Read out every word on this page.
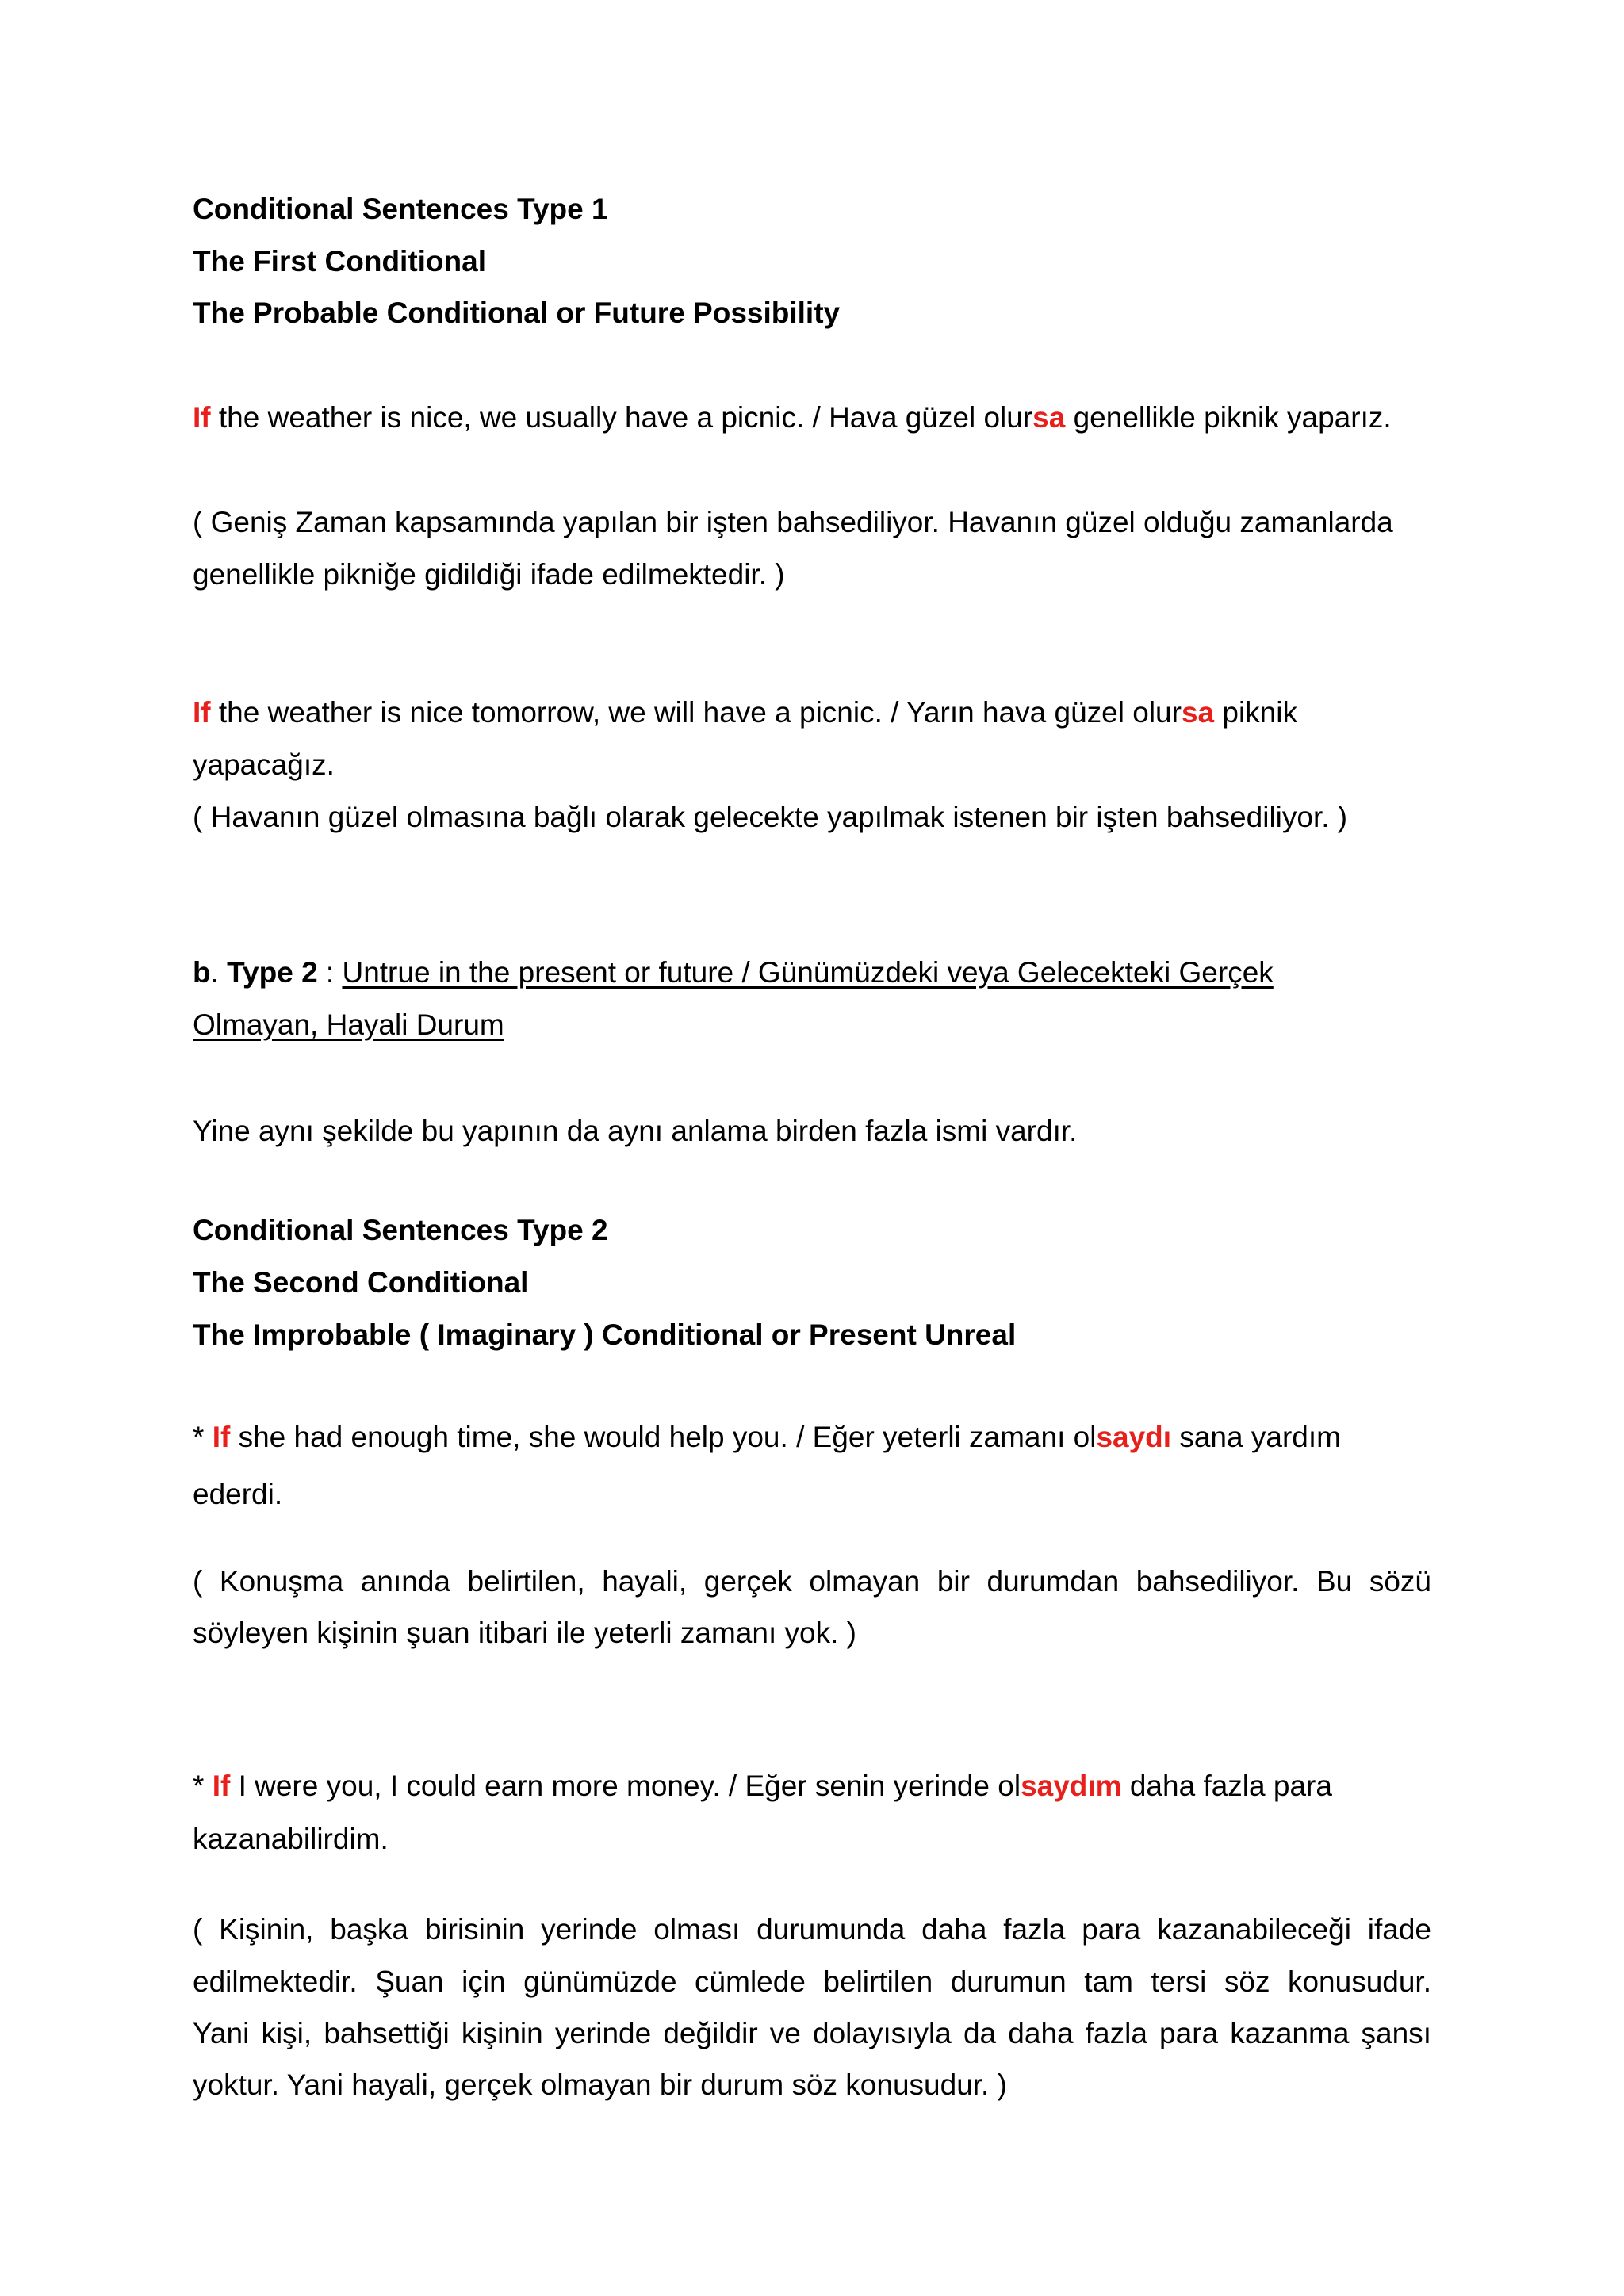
Conditional Sentences Type 1
The First Conditional
The Probable Conditional or Future Possibility
If the weather is nice, we usually have a picnic. / Hava güzel olursa genellikle piknik yaparız.
( Geniş Zaman kapsamında yapılan bir işten bahsediliyor. Havanın güzel olduğu zamanlarda
genellikle pikniğe gidildiği ifade edilmektedir. )
If the weather is nice tomorrow, we will have a picnic. / Yarın hava güzel olursa piknik
yapacağız.
( Havanın güzel olmasına bağlı olarak gelecekte yapılmak istenen bir işten bahsediliyor. )
b. Type 2 : Untrue in the present or future / Günümüzdeki veya Gelecekteki Gerçek
Olmayan, Hayali Durum
Yine aynı şekilde bu yapının da aynı anlama birden fazla ismi vardır.
Conditional Sentences Type 2
The Second Conditional
The Improbable ( Imaginary ) Conditional or Present Unreal
* If she had enough time, she would help you. / Eğer yeterli zamanı olsaydı sana yardım
ederdi.
( Konuşma anında belirtilen, hayali, gerçek olmayan bir durumdan bahsediliyor. Bu sözü
söyleyen kişinin şuan itibari ile yeterli zamanı yok. )
* If I were you, I could earn more money. / Eğer senin yerinde olsaydım daha fazla para
kazanabilirdim.
( Kişinin, başka birisinin yerinde olması durumunda daha fazla para kazanabileceği ifade
edilmektedir. Şuan için günümüzde cümlede belirtilen durumun tam tersi söz konusudur.
Yani kişi, bahsettiği kişinin yerinde değildir ve dolayısıyla da daha fazla para kazanma şansı
yoktur. Yani hayali, gerçek olmayan bir durum söz konusudur. )
